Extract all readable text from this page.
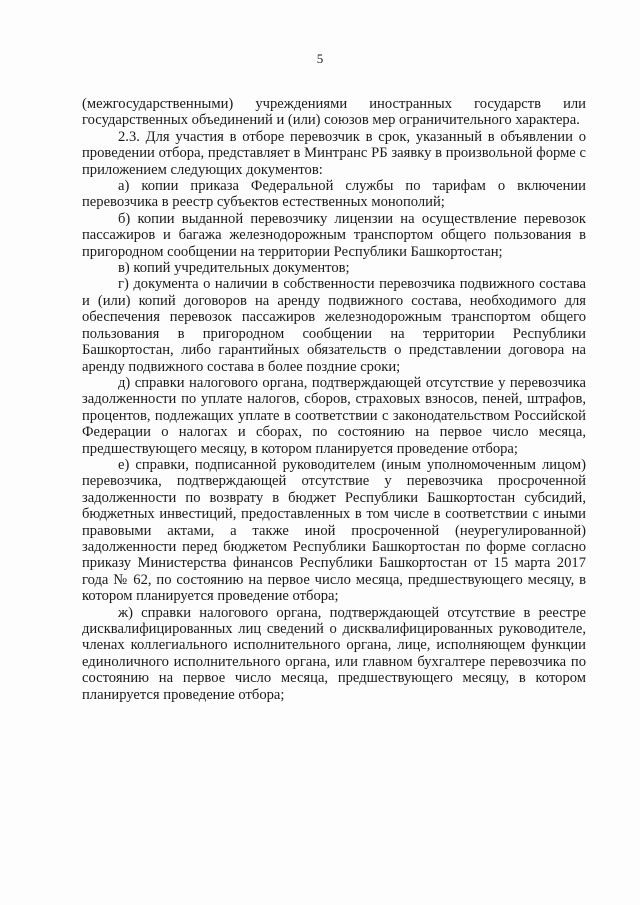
5

(межгосударственными) учреждениями иностранных государств или государственных объединений и (или) союзов мер ограничительного характера.

2.3. Для участия в отборе перевозчик в срок, указанный в объявлении о проведении отбора, представляет в Минтранс РБ заявку в произвольной форме с приложением следующих документов:

а) копии приказа Федеральной службы по тарифам о включении перевозчика в реестр субъектов естественных монополий;

б) копии выданной перевозчику лицензии на осуществление перевозок пассажиров и багажа железнодорожным транспортом общего пользования в пригородном сообщении на территории Республики Башкортостан;

в) копий учредительных документов;

г) документа о наличии в собственности перевозчика подвижного состава и (или) копий договоров на аренду подвижного состава, необходимого для обеспечения перевозок пассажиров железнодорожным транспортом общего пользования в пригородном сообщении на территории Республики Башкортостан, либо гарантийных обязательств о представлении договора на аренду подвижного состава в более поздние сроки;

д) справки налогового органа, подтверждающей отсутствие у перевозчика задолженности по уплате налогов, сборов, страховых взносов, пеней, штрафов, процентов, подлежащих уплате в соответствии с законодательством Российской Федерации о налогах и сборах, по состоянию на первое число месяца, предшествующего месяцу, в котором планируется проведение отбора;

е) справки, подписанной руководителем (иным уполномоченным лицом) перевозчика, подтверждающей отсутствие у перевозчика просроченной задолженности по возврату в бюджет Республики Башкортостан субсидий, бюджетных инвестиций, предоставленных в том числе в соответствии с иными правовыми актами, а также иной просроченной (неурегулированной) задолженности перед бюджетом Республики Башкортостан по форме согласно приказу Министерства финансов Республики Башкортостан от 15 марта 2017 года № 62, по состоянию на первое число месяца, предшествующего месяцу, в котором планируется проведение отбора;

ж) справки налогового органа, подтверждающей отсутствие в реестре дисквалифицированных лиц сведений о дисквалифицированных руководителе, членах коллегиального исполнительного органа, лице, исполняющем функции единоличного исполнительного органа, или главном бухгалтере перевозчика по состоянию на первое число месяца, предшествующего месяцу, в котором планируется проведение отбора;
